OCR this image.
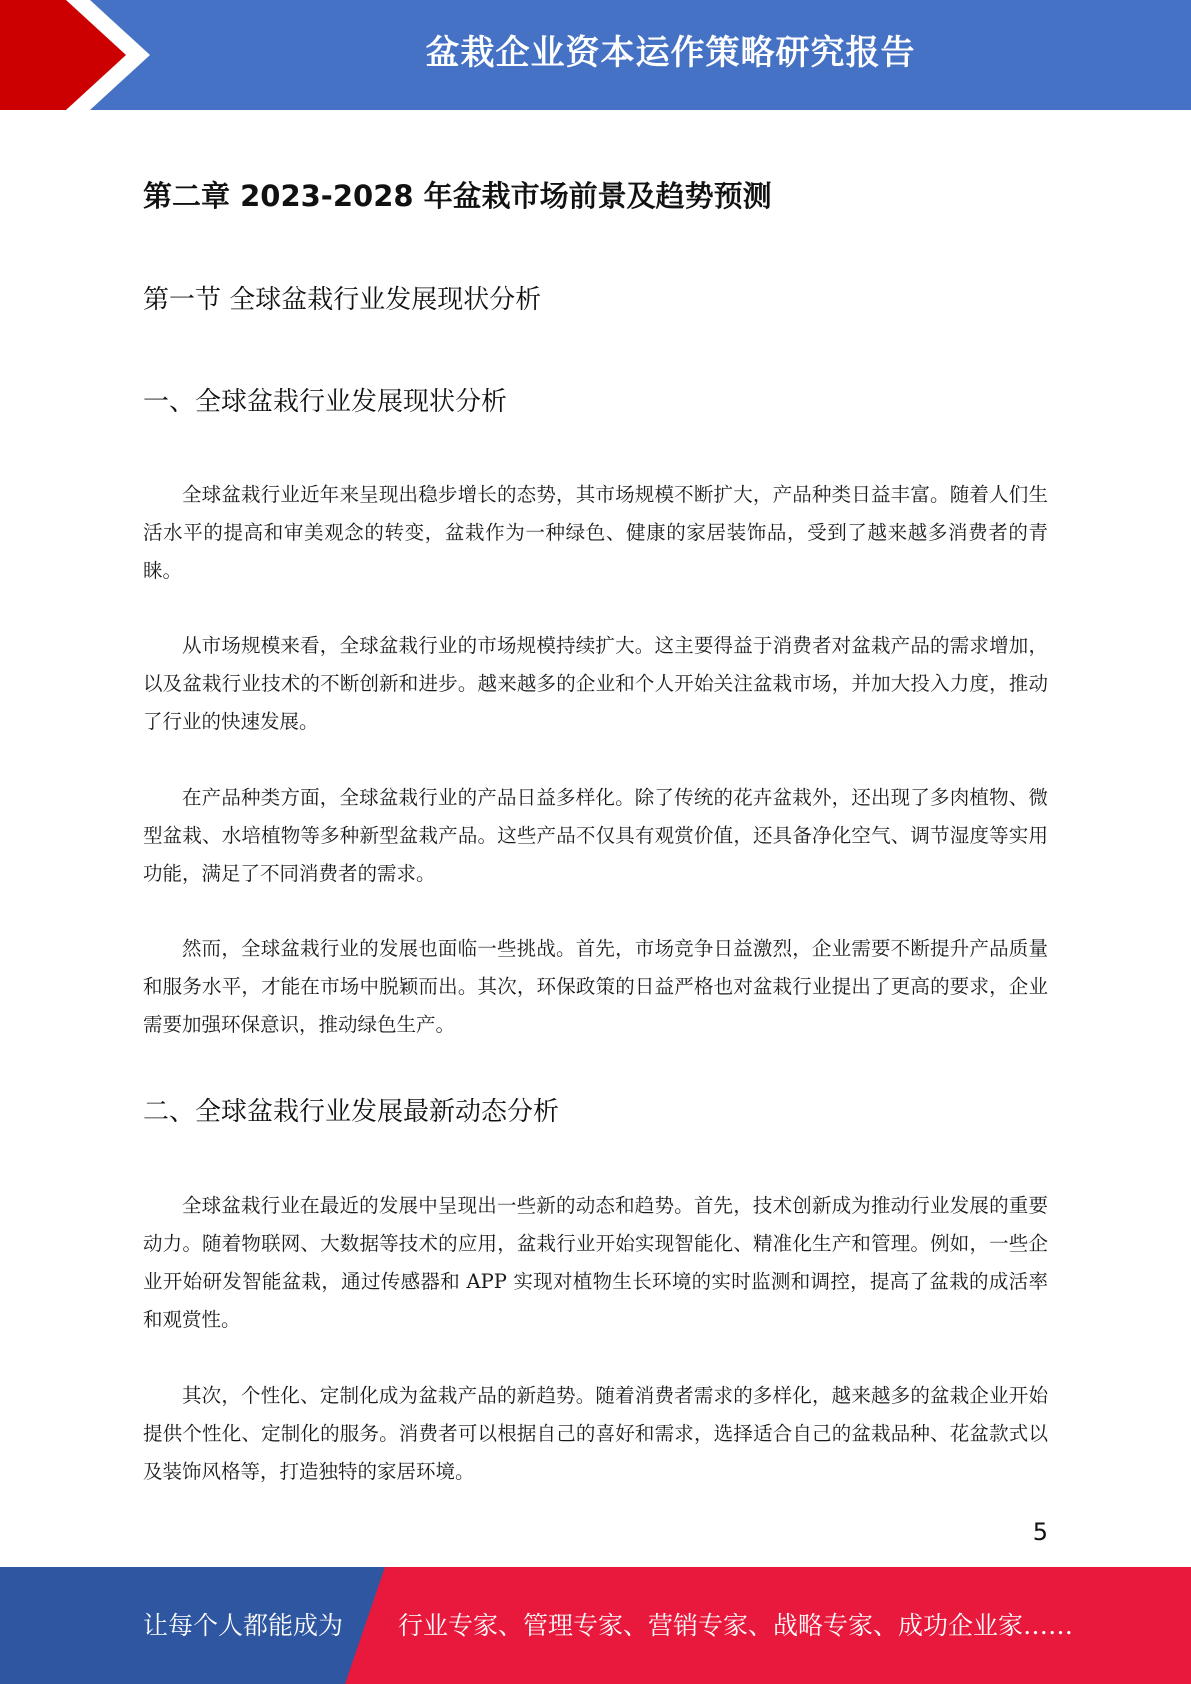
盆栽企业资本运作策略研究报告
第二章 2023-2028 年盆栽市场前景及趋势预测
第一节 全球盆栽行业发展现状分析
一、全球盆栽行业发展现状分析

全球盆栽行业近年来呈现出稳步增长的态势，其市场规模不断扩大，产品种类日益丰富。随着人们生活水平的提高和审美观念的转变，盆栽作为一种绿色、健康的家居装饰品，受到了越来越多消费者的青睐。

从市场规模来看，全球盆栽行业的市场规模持续扩大。这主要得益于消费者对盆栽产品的需求增加，以及盆栽行业技术的不断创新和进步。越来越多的企业和个人开始关注盆栽市场，并加大投入力度，推动了行业的快速发展。

在产品种类方面，全球盆栽行业的产品日益多样化。除了传统的花卉盆栽外，还出现了多肉植物、微型盆栽、水培植物等多种新型盆栽产品。这些产品不仅具有观赏价值，还具备净化空气、调节湿度等实用功能，满足了不同消费者的需求。

然而，全球盆栽行业的发展也面临一些挑战。首先，市场竞争日益激烈，企业需要不断提升产品质量和服务水平，才能在市场中脱颖而出。其次，环保政策的日益严格也对盆栽行业提出了更高的要求，企业需要加强环保意识，推动绿色生产。

二、全球盆栽行业发展最新动态分析

全球盆栽行业在最近的发展中呈现出一些新的动态和趋势。首先，技术创新成为推动行业发展的重要动力。随着物联网、大数据等技术的应用，盆栽行业开始实现智能化、精准化生产和管理。例如，一些企业开始研发智能盆栽，通过传感器和 APP 实现对植物生长环境的实时监测和调控，提高了盆栽的成活率和观赏性。

其次，个性化、定制化成为盆栽产品的新趋势。随着消费者需求的多样化，越来越多的盆栽企业开始提供个性化、定制化的服务。消费者可以根据自己的喜好和需求，选择适合自己的盆栽品种、花盆款式以及装饰风格等，打造独特的家居环境。

5
让每个人都能成为 行业专家、管理专家、营销专家、战略专家、成功企业家……
